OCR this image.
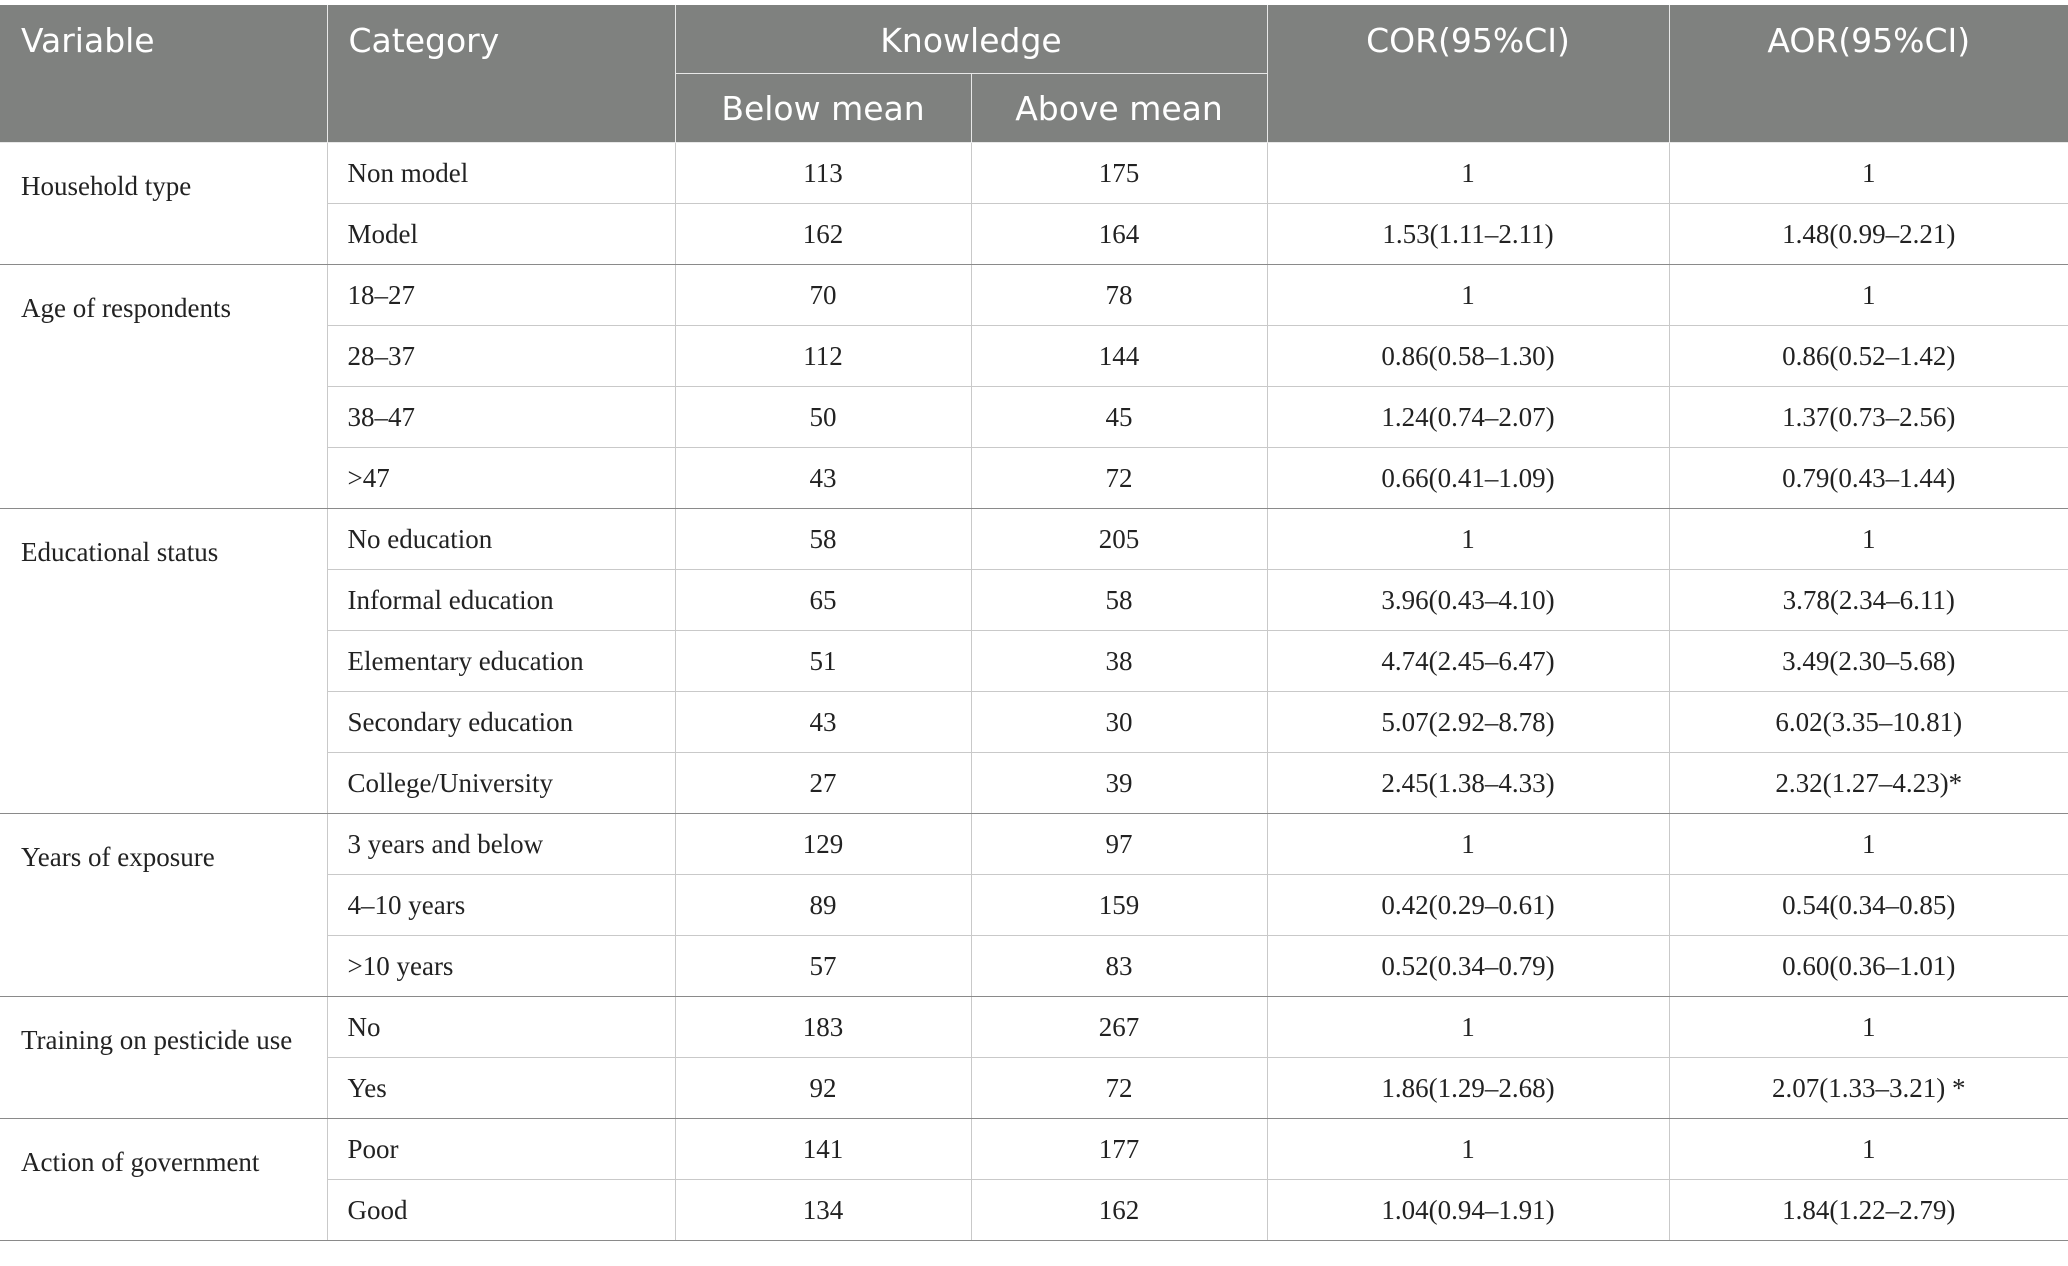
Variable	Category	Knowledge		COR(95%CI)	AOR(95%CI)
		Below mean	Above mean		
Household type	Non model	113	175	1	1
	Model	162	164	1.53(1.11–2.11)	1.48(0.99–2.21)
Age of respondents	18–27	70	78	1	1
	28–37	112	144	0.86(0.58–1.30)	0.86(0.52–1.42)
	38–47	50	45	1.24(0.74–2.07)	1.37(0.73–2.56)
	>47	43	72	0.66(0.41–1.09)	0.79(0.43–1.44)
Educational status	No education	58	205	1	1
	Informal education	65	58	3.96(0.43–4.10)	3.78(2.34–6.11)
	Elementary education	51	38	4.74(2.45–6.47)	3.49(2.30–5.68)
	Secondary education	43	30	5.07(2.92–8.78)	6.02(3.35–10.81)
	College/University	27	39	2.45(1.38–4.33)	2.32(1.27–4.23)*
Years of exposure	3 years and below	129	97	1	1
	4–10 years	89	159	0.42(0.29–0.61)	0.54(0.34–0.85)
	>10 years	57	83	0.52(0.34–0.79)	0.60(0.36–1.01)
Training on pesticide use	No	183	267	1	1
	Yes	92	72	1.86(1.29–2.68)	2.07(1.33–3.21) *
Action of government	Poor	141	177	1	1
	Good	134	162	1.04(0.94–1.91)	1.84(1.22–2.79)
